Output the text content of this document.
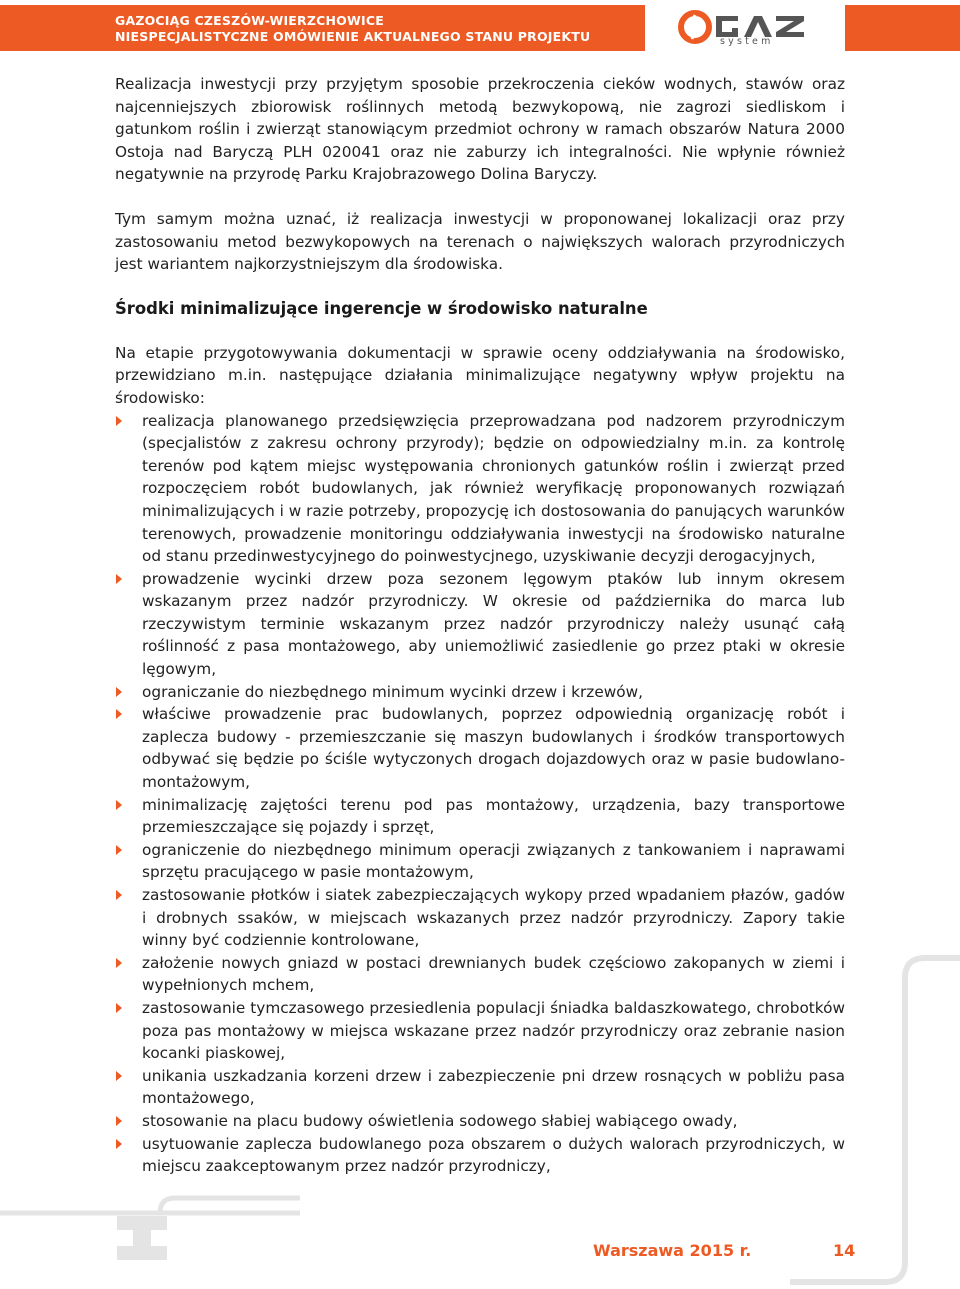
GAZOCIĄG CZESZÓW-WIERZCHOWICE
NIESPECJALISTYCZNE OMÓWIENIE AKTUALNEGO STANU PROJEKTU	system

Realizacja inwestycji przy przyjętym sposobie przekroczenia cieków wodnych, stawów oraz najcenniejszych zbiorowisk roślinnych metodą bezwykopową, nie zagrozi siedliskom i gatunkom roślin i zwierząt stanowiącym przedmiot ochrony w ramach obszarów Natura 2000 Ostoja nad Baryczą PLH 020041 oraz nie zaburzy ich integralności. Nie wpłynie również negatywnie na przyrodę Parku Krajobrazowego Dolina Baryczy.

Tym samym można uznać, iż realizacja inwestycji w proponowanej lokalizacji oraz przy zastosowaniu metod bezwykopowych na terenach o największych walorach przyrodniczych jest wariantem najkorzystniejszym dla środowiska.

Środki minimalizujące ingerencje w środowisko naturalne

Na etapie przygotowywania dokumentacji w sprawie oceny oddziaływania na środowisko, przewidziano m.in. następujące działania minimalizujące negatywny wpływ projektu na środowisko:

realizacja planowanego przedsięwzięcia przeprowadzana pod nadzorem przyrodniczym (specjalistów z zakresu ochrony przyrody); będzie on odpowiedzialny m.in. za kontrolę terenów pod kątem miejsc występowania chronionych gatunków roślin i zwierząt przed rozpoczęciem robót budowlanych, jak również weryfikację proponowanych rozwiązań minimalizujących i w razie potrzeby, propozycję ich dostosowania do panujących warunków terenowych, prowadzenie monitoringu oddziaływania inwestycji na środowisko naturalne od stanu przedinwestycyjnego do poinwestycjnego, uzyskiwanie decyzji derogacyjnych,
prowadzenie wycinki drzew poza sezonem lęgowym ptaków lub innym okresem wskazanym przez nadzór przyrodniczy. W okresie od października do marca lub rzeczywistym terminie wskazanym przez nadzór przyrodniczy należy usunąć całą roślinność z pasa montażowego, aby uniemożliwić zasiedlenie go przez ptaki w okresie lęgowym,
ograniczanie do niezbędnego minimum wycinki drzew i krzewów,
właściwe prowadzenie prac budowlanych, poprzez odpowiednią organizację robót i zaplecza budowy - przemieszczanie się maszyn budowlanych i środków transportowych odbywać się będzie po ściśle wytyczonych drogach dojazdowych oraz w pasie budowlano-montażowym,
minimalizację zajętości terenu pod pas montażowy, urządzenia, bazy transportowe przemieszczające się pojazdy i sprzęt,
ograniczenie do niezbędnego minimum operacji związanych z tankowaniem i naprawami sprzętu pracującego w pasie montażowym,
zastosowanie płotków i siatek zabezpieczających wykopy przed wpadaniem płazów, gadów i drobnych ssaków, w miejscach wskazanych przez nadzór przyrodniczy. Zapory takie winny być codziennie kontrolowane,
założenie nowych gniazd w postaci drewnianych budek częściowo zakopanych w ziemi i wypełnionych mchem,
zastosowanie tymczasowego przesiedlenia populacji śniadka baldaszkowatego, chrobotków poza pas montażowy w miejsca wskazane przez nadzór przyrodniczy oraz zebranie nasion kocanki piaskowej,
unikania uszkadzania korzeni drzew i zabezpieczenie pni drzew rosnących w pobliżu pasa montażowego,
stosowanie na placu budowy oświetlenia sodowego słabiej wabiącego owady,
usytuowanie zaplecza budowlanego poza obszarem o dużych walorach przyrodniczych, w miejscu zaakceptowanym przez nadzór przyrodniczy,
Warszawa 2015 r.	14
